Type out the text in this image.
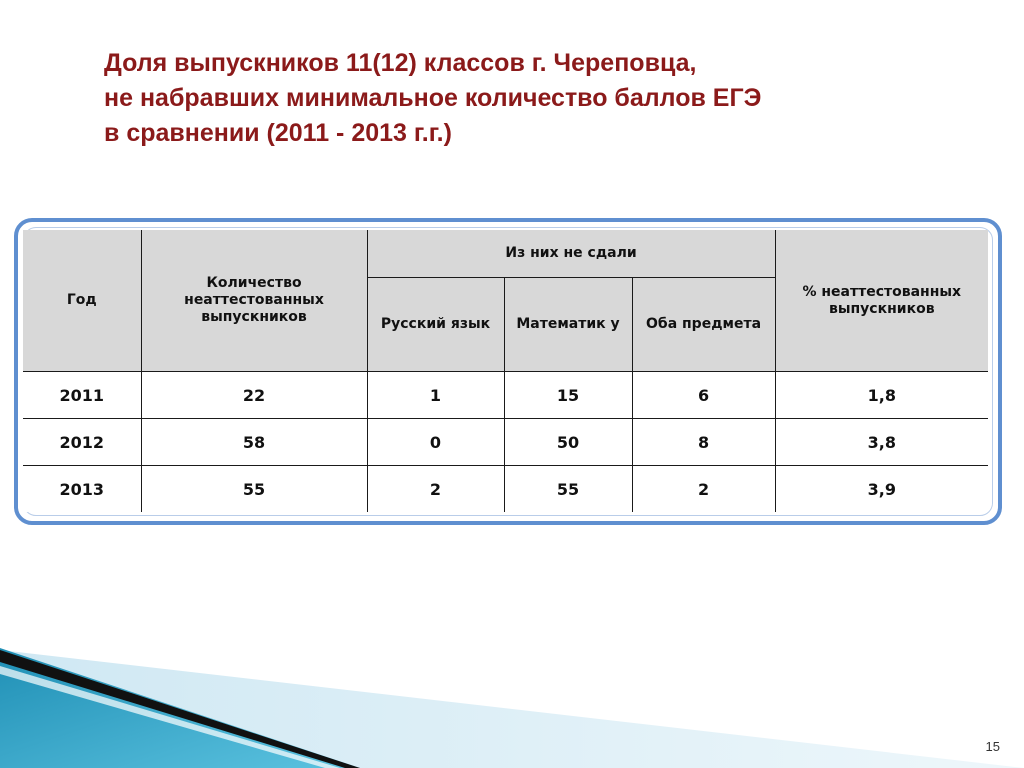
Доля выпускников 11(12) классов г. Череповца,
не набравших минимальное количество баллов ЕГЭ
в сравнении (2011 - 2013 г.г.)
Год	Количество неаттестованных выпускников	Из них не сдали			% неаттестованных выпускников
		Русский язык	Математик у	Оба предмета	
2011	22	1	15	6	1,8
2012	58	0	50	8	3,8
2013	55	2	55	2	3,9
15
